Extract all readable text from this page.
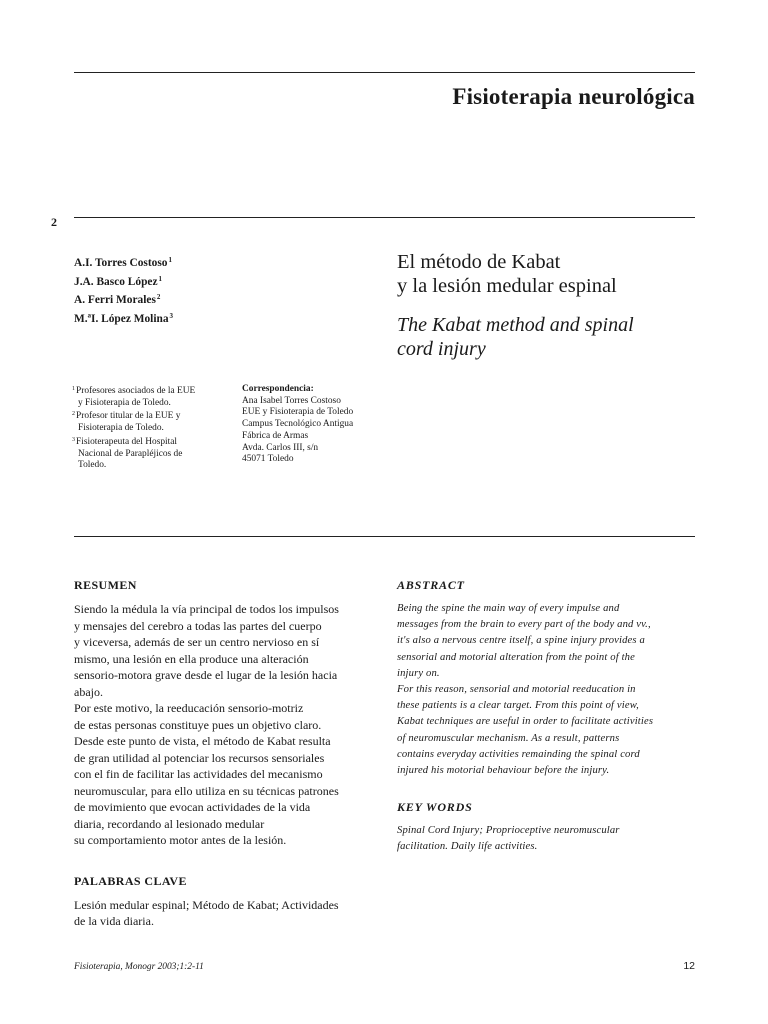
Fisioterapia neurológica
2
A.I. Torres Costoso$^1$
J.A. Basco López$^1$
A. Ferri Morales$^2$
M.ªI. López Molina$^3$
El método de Kabat
y la lesión medular espinal
The Kabat method and spinal
cord injury
$^1$Profesores asociados de la EUE
y Fisioterapia de Toledo.
$^2$Profesor titular de la EUE y
Fisioterapia de Toledo.
$^3$Fisioterapeuta del Hospital
Nacional de Parapléjicos de
Toledo.
Correspondencia:
Ana Isabel Torres Costoso
EUE y Fisioterapia de Toledo
Campus Tecnológico Antigua
Fábrica de Armas
Avda. Carlos III, s/n
45071 Toledo
RESUMEN
Siendo la médula la vía principal de todos los impulsos
y mensajes del cerebro a todas las partes del cuerpo
y viceversa, además de ser un centro nervioso en sí
mismo, una lesión en ella produce una alteración
sensorio-motora grave desde el lugar de la lesión hacia
abajo.
Por este motivo, la reeducación sensorio-motriz
de estas personas constituye pues un objetivo claro.
Desde este punto de vista, el método de Kabat resulta
de gran utilidad al potenciar los recursos sensoriales
con el fin de facilitar las actividades del mecanismo
neuromuscular, para ello utiliza en su técnicas patrones
de movimiento que evocan actividades de la vida
diaria, recordando al lesionado medular
su comportamiento motor antes de la lesión.
PALABRAS CLAVE
Lesión medular espinal; Método de Kabat; Actividades
de la vida diaria.
ABSTRACT
Being the spine the main way of every impulse and
messages from the brain to every part of the body and vv.,
it's also a nervous centre itself, a spine injury provides a
sensorial and motorial alteration from the point of the
injury on.
For this reason, sensorial and motorial reeducation in
these patients is a clear target. From this point of view,
Kabat techniques are useful in order to facilitate activities
of neuromuscular mechanism. As a result, patterns
contains everyday activities remainding the spinal cord
injured his motorial behaviour before the injury.
KEY WORDS
Spinal Cord Injury; Proprioceptive neuromuscular
facilitation. Daily life activities.
Fisioterapia, Monogr 2003;1:2-11	12
